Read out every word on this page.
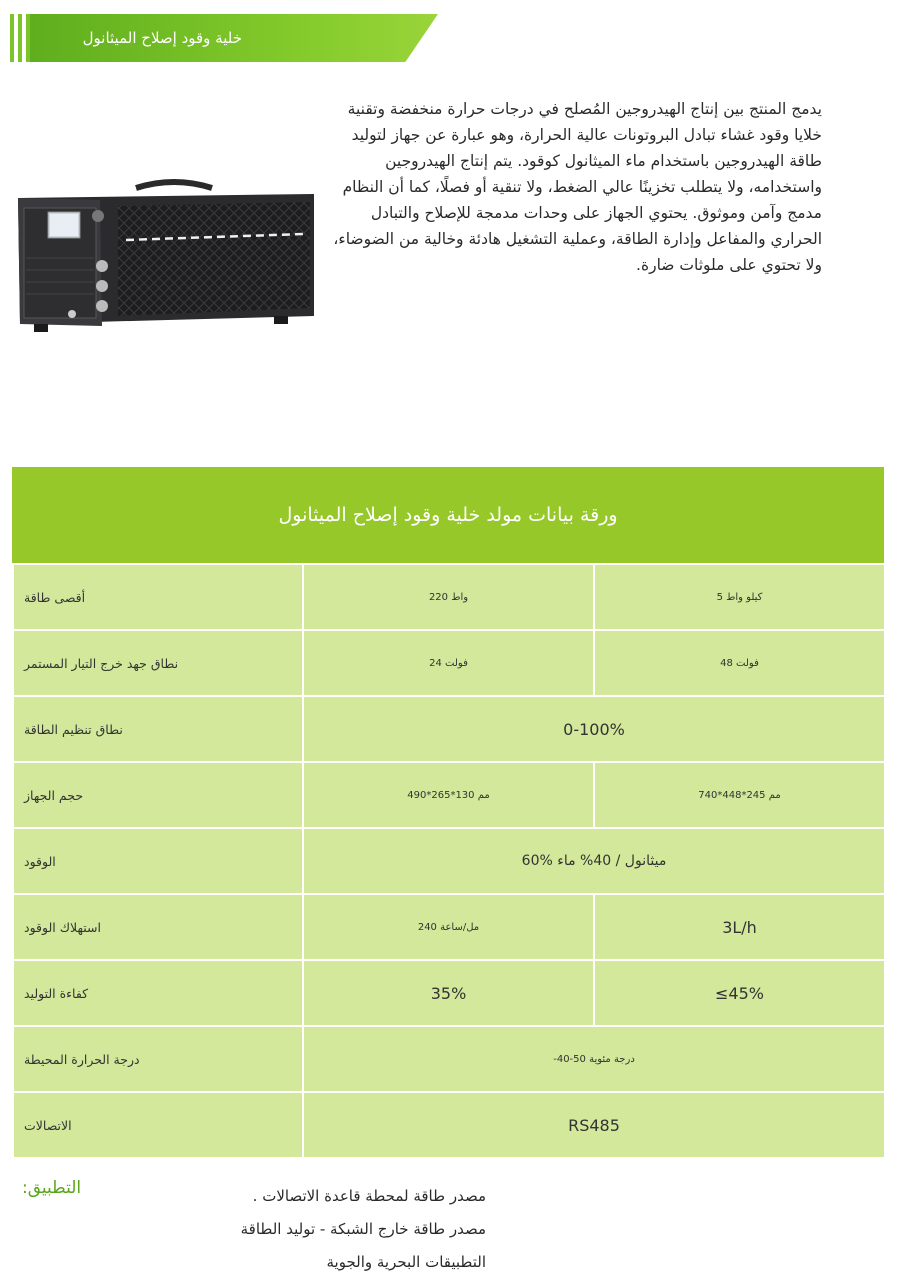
خلية وقود إصلاح الميثانول

يدمج المنتج بين إنتاج الهيدروجين المُصلح في درجات حرارة منخفضة وتقنية خلايا وقود غشاء تبادل البروتونات عالية الحرارة، وهو عبارة عن جهاز لتوليد طاقة الهيدروجين باستخدام ماء الميثانول كوقود. يتم إنتاج الهيدروجين واستخدامه، ولا يتطلب تخزينًا عالي الضغط، ولا تنقية أو فصلًا، كما أن النظام مدمج وآمن وموثوق. يحتوي الجهاز على وحدات مدمجة للإصلاح والتبادل الحراري والمفاعل وإدارة الطاقة، وعملية التشغيل هادئة وخالية من الضوضاء، ولا تحتوي على ملوثات ضارة.

ورقة بيانات مولد خلية وقود إصلاح الميثانول
أقصى طاقة	220 واط	5 كيلو واط
نطاق جهد خرج التيار المستمر	24 فولت	48 فولت
نطاق تنظيم الطاقة	0-100%	
حجم الجهاز	490*265*130 مم	740*448*245 مم
الوقود	60% ميثانول / 40% ماء	
استهلاك الوقود	240 مل/ساعة	3L/h
كفاءة التوليد	35%	≤45%
درجة الحرارة المحيطة	-40-50 درجة مئوية	
الاتصالات	RS485	
التطبيق:	مصدر طاقة لمحطة قاعدة الاتصالات .
مصدر طاقة خارج الشبكة - توليد الطاقة
التطبيقات البحرية والجوية
